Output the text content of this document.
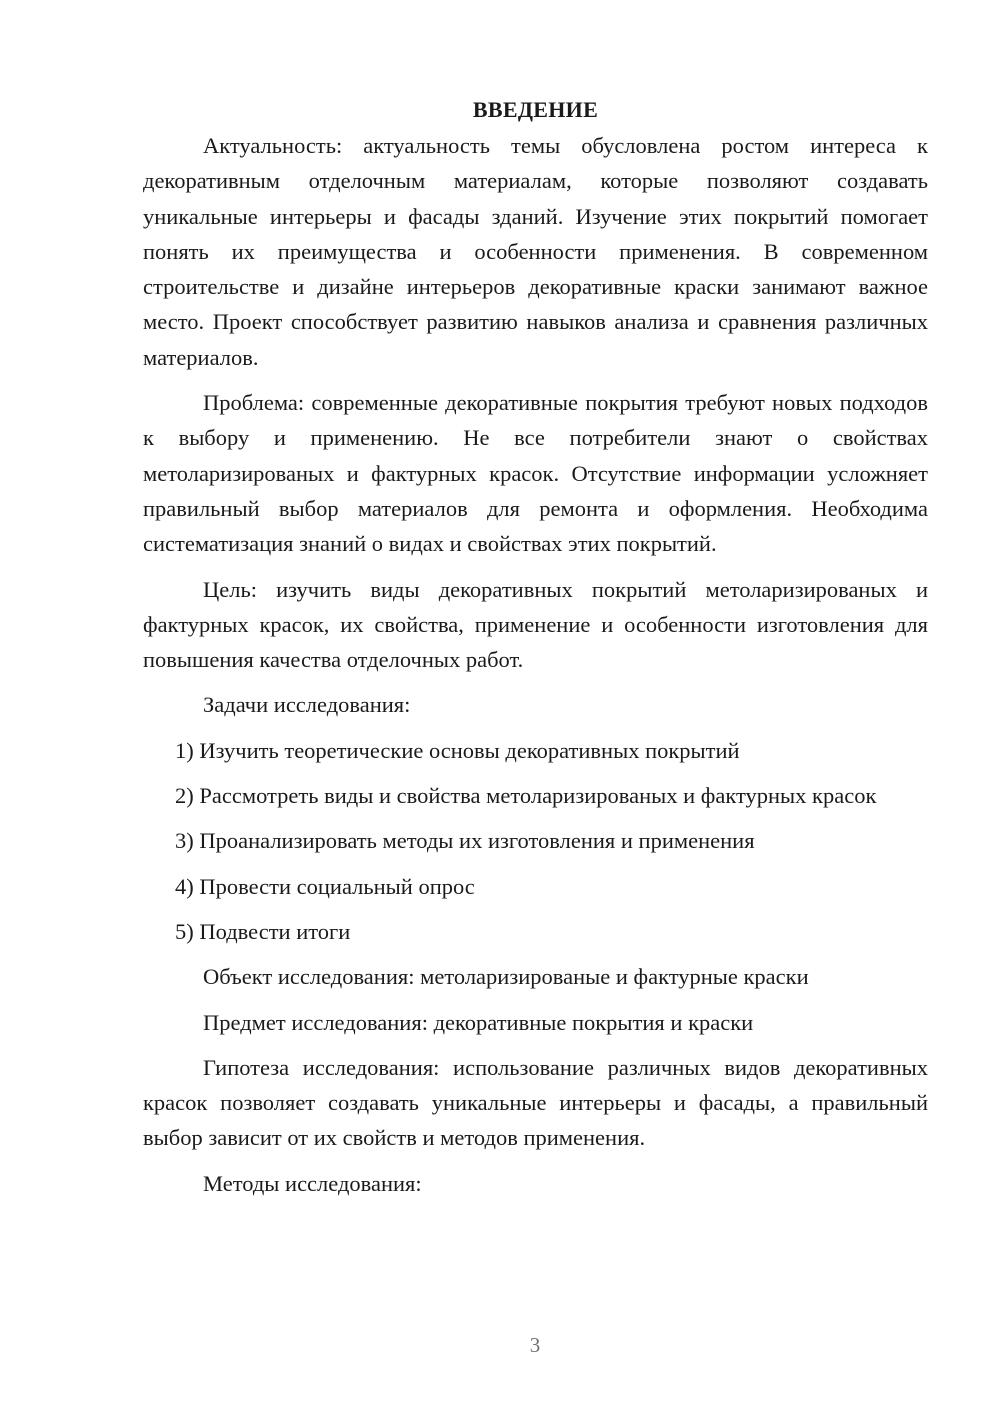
ВВЕДЕНИЕ

Актуальность: актуальность темы обусловлена ростом интереса к декоративным отделочным материалам, которые позволяют создавать уникальные интерьеры и фасады зданий. Изучение этих покрытий помогает понять их преимущества и особенности применения. В современном строительстве и дизайне интерьеров декоративные краски занимают важное место. Проект способствует развитию навыков анализа и сравнения различных материалов.

Проблема: современные декоративные покрытия требуют новых подходов к выбору и применению. Не все потребители знают о свойствах метоларизированых и фактурных красок. Отсутствие информации усложняет правильный выбор материалов для ремонта и оформления. Необходима систематизация знаний о видах и свойствах этих покрытий.

Цель: изучить виды декоративных покрытий метоларизированых и фактурных красок, их свойства, применение и особенности изготовления для повышения качества отделочных работ.

Задачи исследования:

1) Изучить теоретические основы декоративных покрытий

2) Рассмотреть виды и свойства метоларизированых и фактурных красок

3) Проанализировать методы их изготовления и применения

4) Провести социальный опрос

5) Подвести итоги

Объект исследования: метоларизированые и фактурные краски

Предмет исследования: декоративные покрытия и краски

Гипотеза исследования: использование различных видов декоративных красок позволяет создавать уникальные интерьеры и фасады, а правильный выбор зависит от их свойств и методов применения.

Методы исследования:

3
